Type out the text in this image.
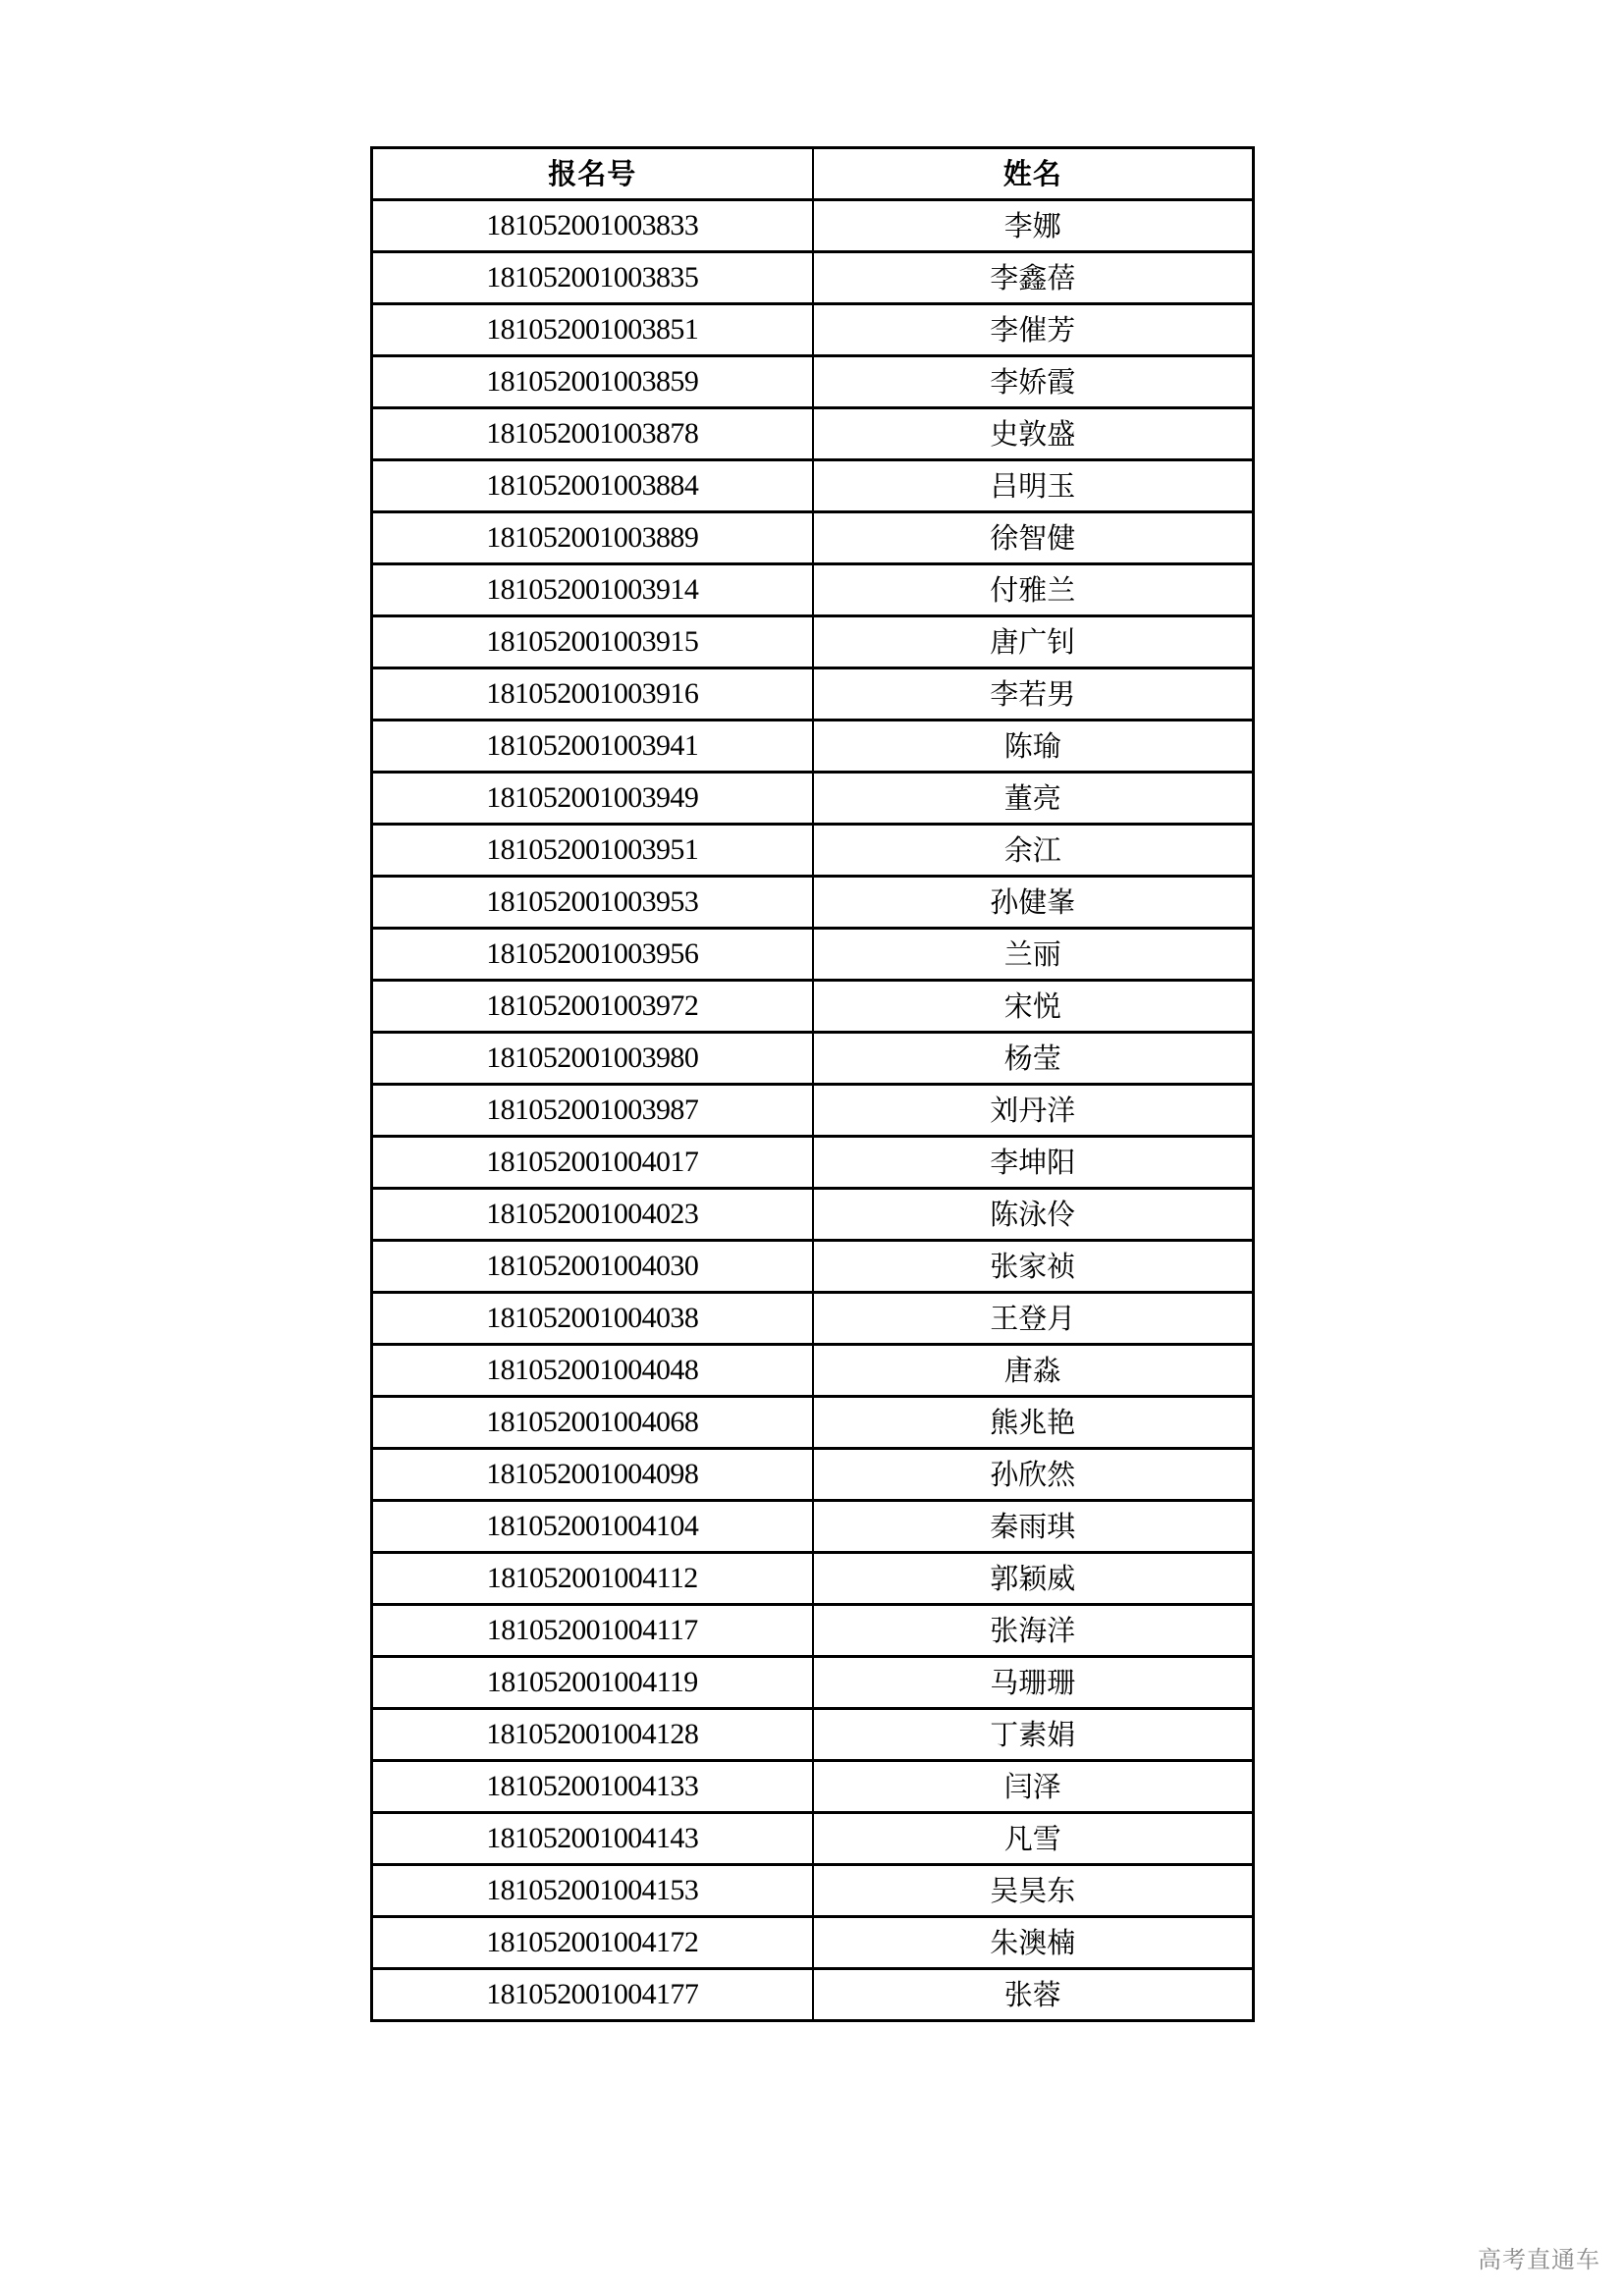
报名号	姓名
181052001003833	李娜
181052001003835	李鑫蓓
181052001003851	李催芳
181052001003859	李娇霞
181052001003878	史敦盛
181052001003884	吕明玉
181052001003889	徐智健
181052001003914	付雅兰
181052001003915	唐广钊
181052001003916	李若男
181052001003941	陈瑜
181052001003949	董亮
181052001003951	余江
181052001003953	孙健峯
181052001003956	兰丽
181052001003972	宋悦
181052001003980	杨莹
181052001003987	刘丹洋
181052001004017	李坤阳
181052001004023	陈泳伶
181052001004030	张家祯
181052001004038	王登月
181052001004048	唐淼
181052001004068	熊兆艳
181052001004098	孙欣然
181052001004104	秦雨琪
181052001004112	郭颖威
181052001004117	张海洋
181052001004119	马珊珊
181052001004128	丁素娟
181052001004133	闫泽
181052001004143	凡雪
181052001004153	吴昊东
181052001004172	朱澳楠
181052001004177	张蓉
高考直通车
